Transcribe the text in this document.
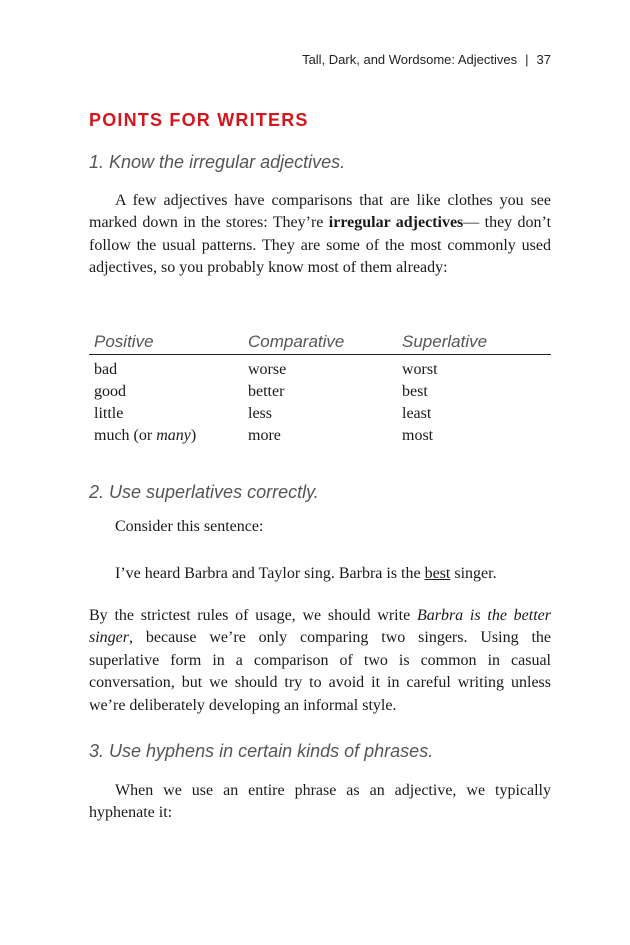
Tall, Dark, and Wordsome: Adjectives | 37
POINTS FOR WRITERS
1. Know the irregular adjectives.

A few adjectives have comparisons that are like clothes you see marked down in the stores: They’re irregular adjectives— they don’t follow the usual patterns. They are some of the most commonly used adjectives, so you probably know most of them already:

Positive	Comparative	Superlative
bad	worse	worst
good	better	best
little	less	least
much (or many)	more	most
2. Use superlatives correctly.

Consider this sentence:

I’ve heard Barbra and Taylor sing. Barbra is the best singer.

By the strictest rules of usage, we should write Barbra is the better singer, because we’re only comparing two singers. Using the superlative form in a comparison of two is common in casual conversation, but we should try to avoid it in careful writing unless we’re deliberately developing an informal style.

3. Use hyphens in certain kinds of phrases.

When we use an entire phrase as an adjective, we typically hyphenate it:
